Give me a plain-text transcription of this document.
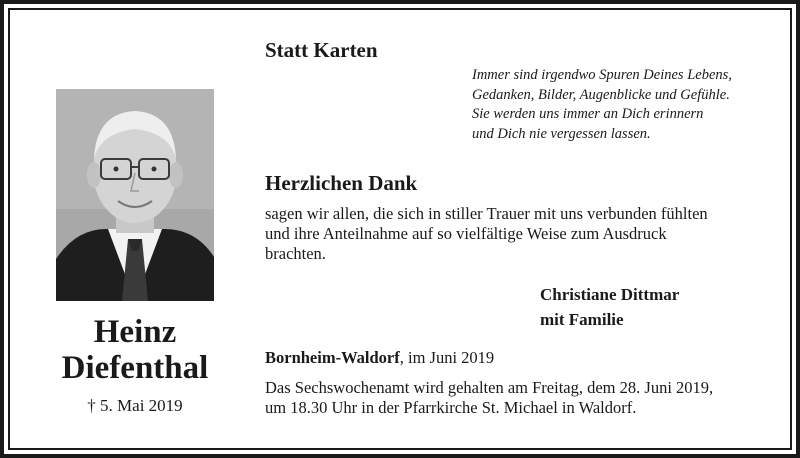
Heinz
Diefenthal
† 5. Mai 2019
Statt Karten
Immer sind irgendwo Spuren Deines Lebens,
Gedanken, Bilder, Augenblicke und Gefühle.
Sie werden uns immer an Dich erinnern
und Dich nie vergessen lassen.
Herzlichen Dank
sagen wir allen, die sich in stiller Trauer mit uns verbunden fühlten
und ihre Anteilnahme auf so vielfältige Weise zum Ausdruck
brachten.
Christiane Dittmar
mit Familie
Bornheim-Waldorf, im Juni 2019
Das Sechswochenamt wird gehalten am Freitag, dem 28. Juni 2019,
um 18.30 Uhr in der Pfarrkirche St. Michael in Waldorf.
